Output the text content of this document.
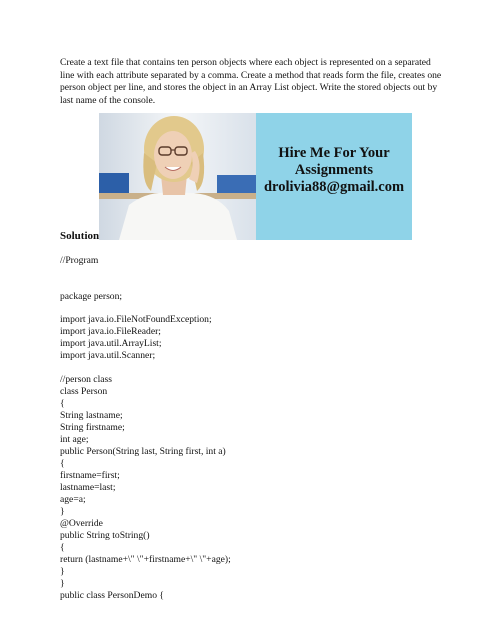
Create a text file that contains ten person objects where each object is represented on a separated line with each attribute separated by a comma. Create a method that reads form the file, creates one person object per line, and stores the object in an Array List object. Write the stored objects out by last name of the console.

Hire Me For Your
Assignments
drolivia88@gmail.com

Solution

//Program

package person;

import java.io.FileNotFoundException;

import java.io.FileReader;

import java.util.ArrayList;

import java.util.Scanner;

//person class

class Person

{

String lastname;

String firstname;

int age;

public Person(String last, String first, int a)

{

firstname=first;

lastname=last;

age=a;

}

@Override

public String toString()

{

return (lastname+\" \"+firstname+\" \"+age);

}

}

public class PersonDemo {
